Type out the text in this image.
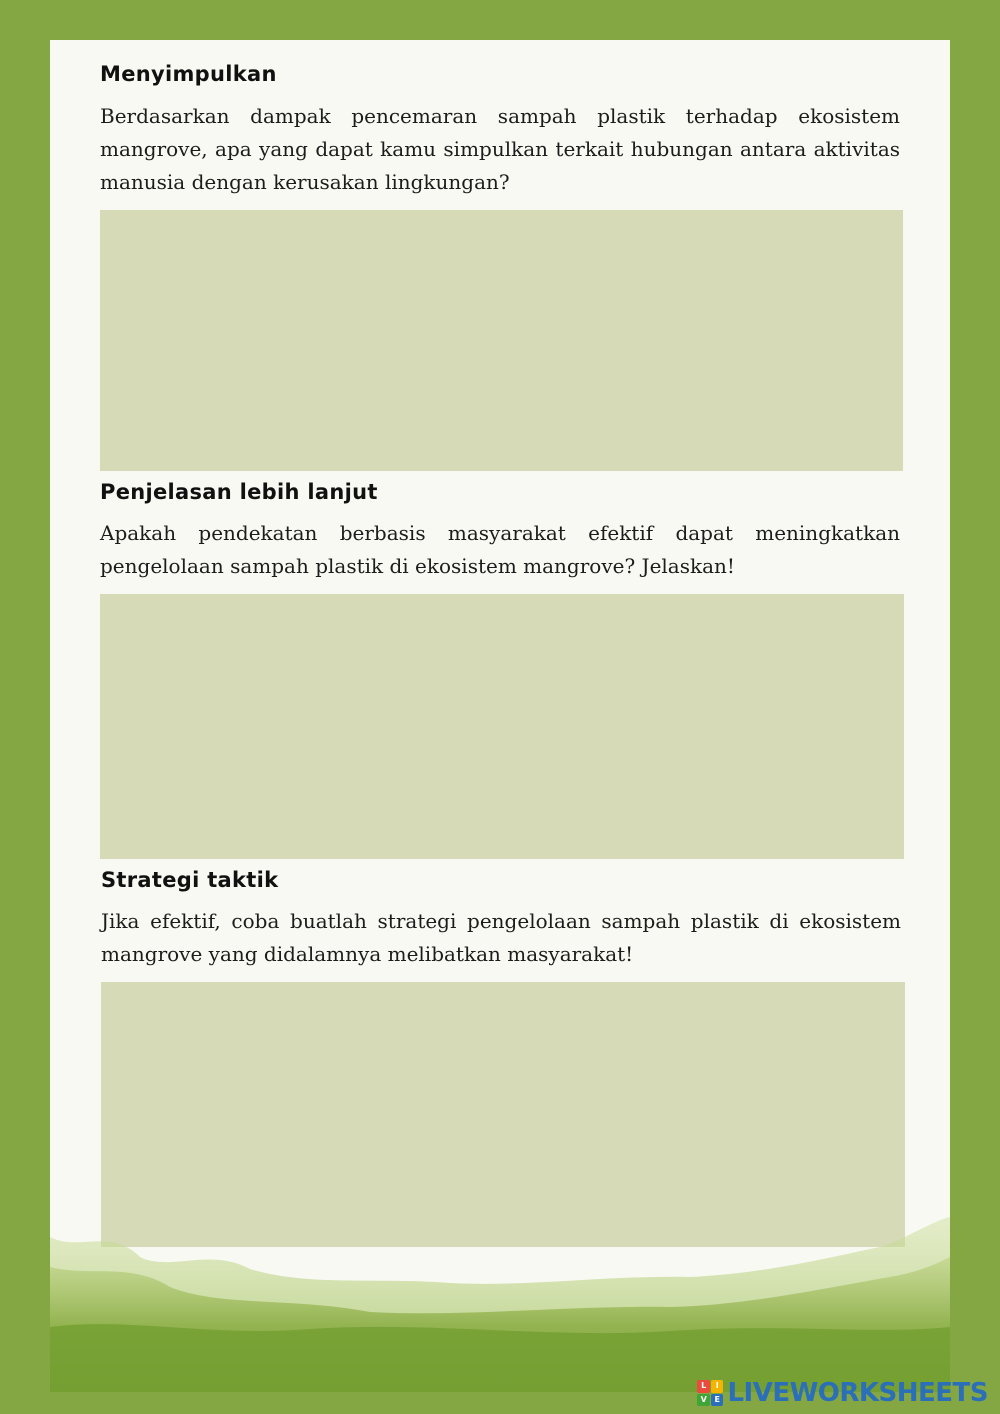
Menyimpulkan

Berdasarkan dampak pencemaran sampah plastik terhadap ekosistem mangrove, apa yang dapat kamu simpulkan terkait hubungan antara aktivitas manusia dengan kerusakan lingkungan?

Penjelasan lebih lanjut

Apakah pendekatan berbasis masyarakat efektif dapat meningkatkan pengelolaan sampah plastik di ekosistem mangrove? Jelaskan!

Strategi taktik

Jika efektif, coba buatlah strategi pengelolaan sampah plastik di ekosistem mangrove yang didalamnya melibatkan masyarakat!

L	I
V E LIVEWORKSHEETS
